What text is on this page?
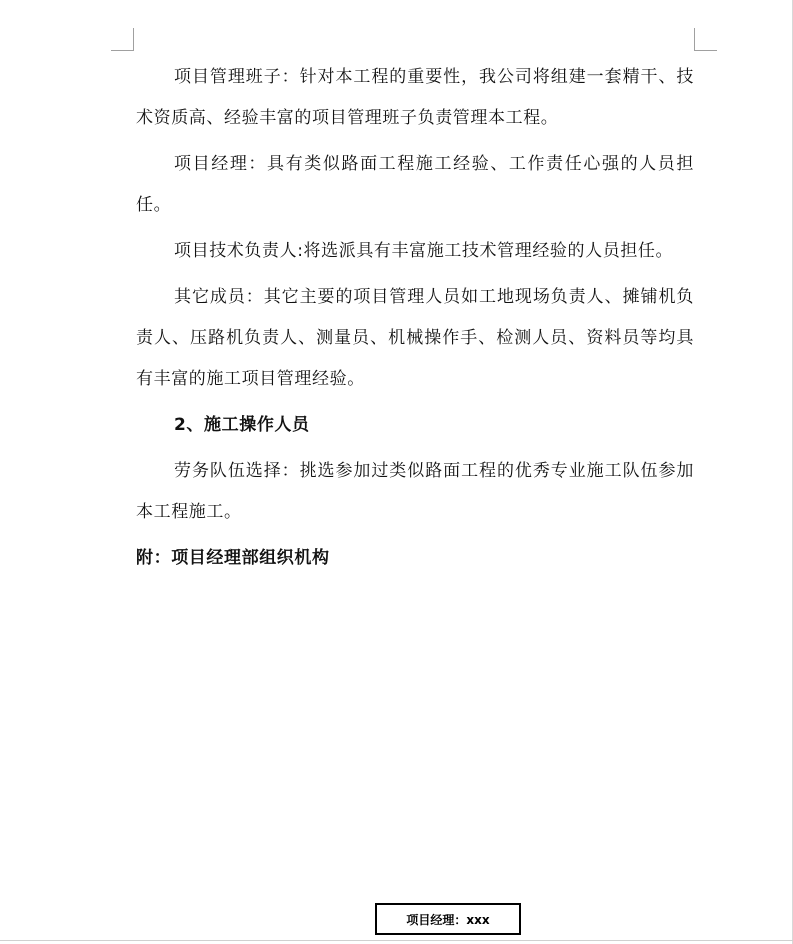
项目管理班子：针对本工程的重要性，我公司将组建一套精干、技术资质高、经验丰富的项目管理班子负责管理本工程。

项目经理：具有类似路面工程施工经验、工作责任心强的人员担任。

项目技术负责人:将选派具有丰富施工技术管理经验的人员担任。

其它成员：其它主要的项目管理人员如工地现场负责人、摊铺机负责人、压路机负责人、测量员、机械操作手、检测人员、资料员等均具有丰富的施工项目管理经验。

2、施工操作人员

劳务队伍选择：挑选参加过类似路面工程的优秀专业施工队伍参加本工程施工。

附：项目经理部组织机构

项目经理：xxx
